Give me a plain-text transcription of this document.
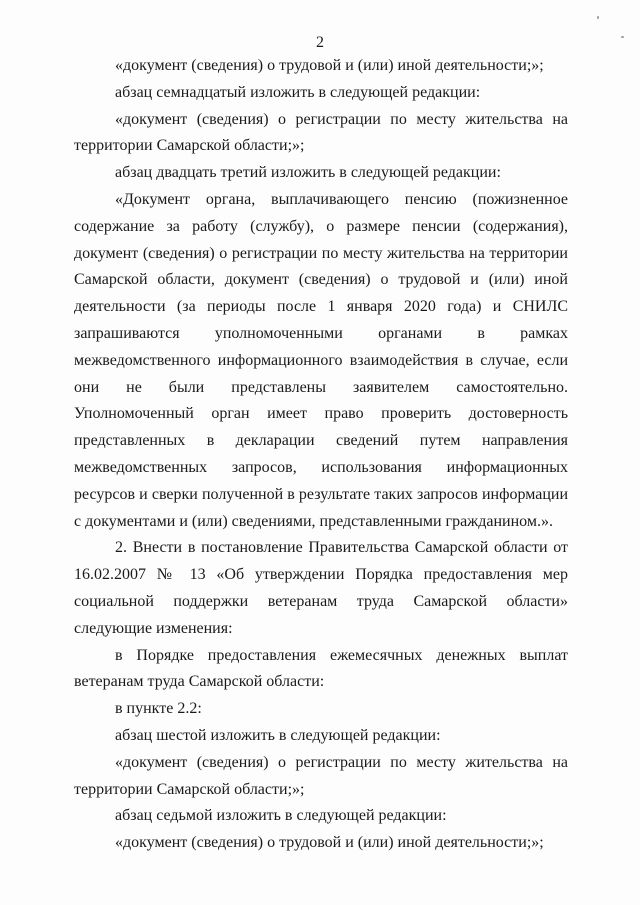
2

«документ (сведения) о трудовой и (или) иной деятельности;»;

абзац семнадцатый изложить в следующей редакции:

«документ (сведения) о регистрации по месту жительства на территории Самарской области;»;

абзац двадцать третий изложить в следующей редакции:

«Документ органа, выплачивающего пенсию (пожизненное содержание за работу (службу), о размере пенсии (содержания), документ (сведения) о регистрации по месту жительства на территории Самарской области, документ (сведения) о трудовой и (или) иной деятельности (за периоды после 1 января 2020 года) и СНИЛС запрашиваются уполномоченными органами в рамках межведомственного информационного взаимодействия в случае, если они не были представлены заявителем самостоятельно. Уполномоченный орган имеет право проверить достоверность представленных в декларации сведений путем направления межведомственных запросов, использования информационных ресурсов и сверки полученной в результате таких запросов информации с документами и (или) сведениями, представленными гражданином.».

2. Внести в постановление Правительства Самарской области от 16.02.2007 № 13 «Об утверждении Порядка предоставления мер социальной поддержки ветеранам труда Самарской области» следующие изменения:

в Порядке предоставления ежемесячных денежных выплат ветеранам труда Самарской области:

в пункте 2.2:

абзац шестой изложить в следующей редакции:

«документ (сведения) о регистрации по месту жительства на территории Самарской области;»;

абзац седьмой изложить в следующей редакции:

«документ (сведения) о трудовой и (или) иной деятельности;»;
